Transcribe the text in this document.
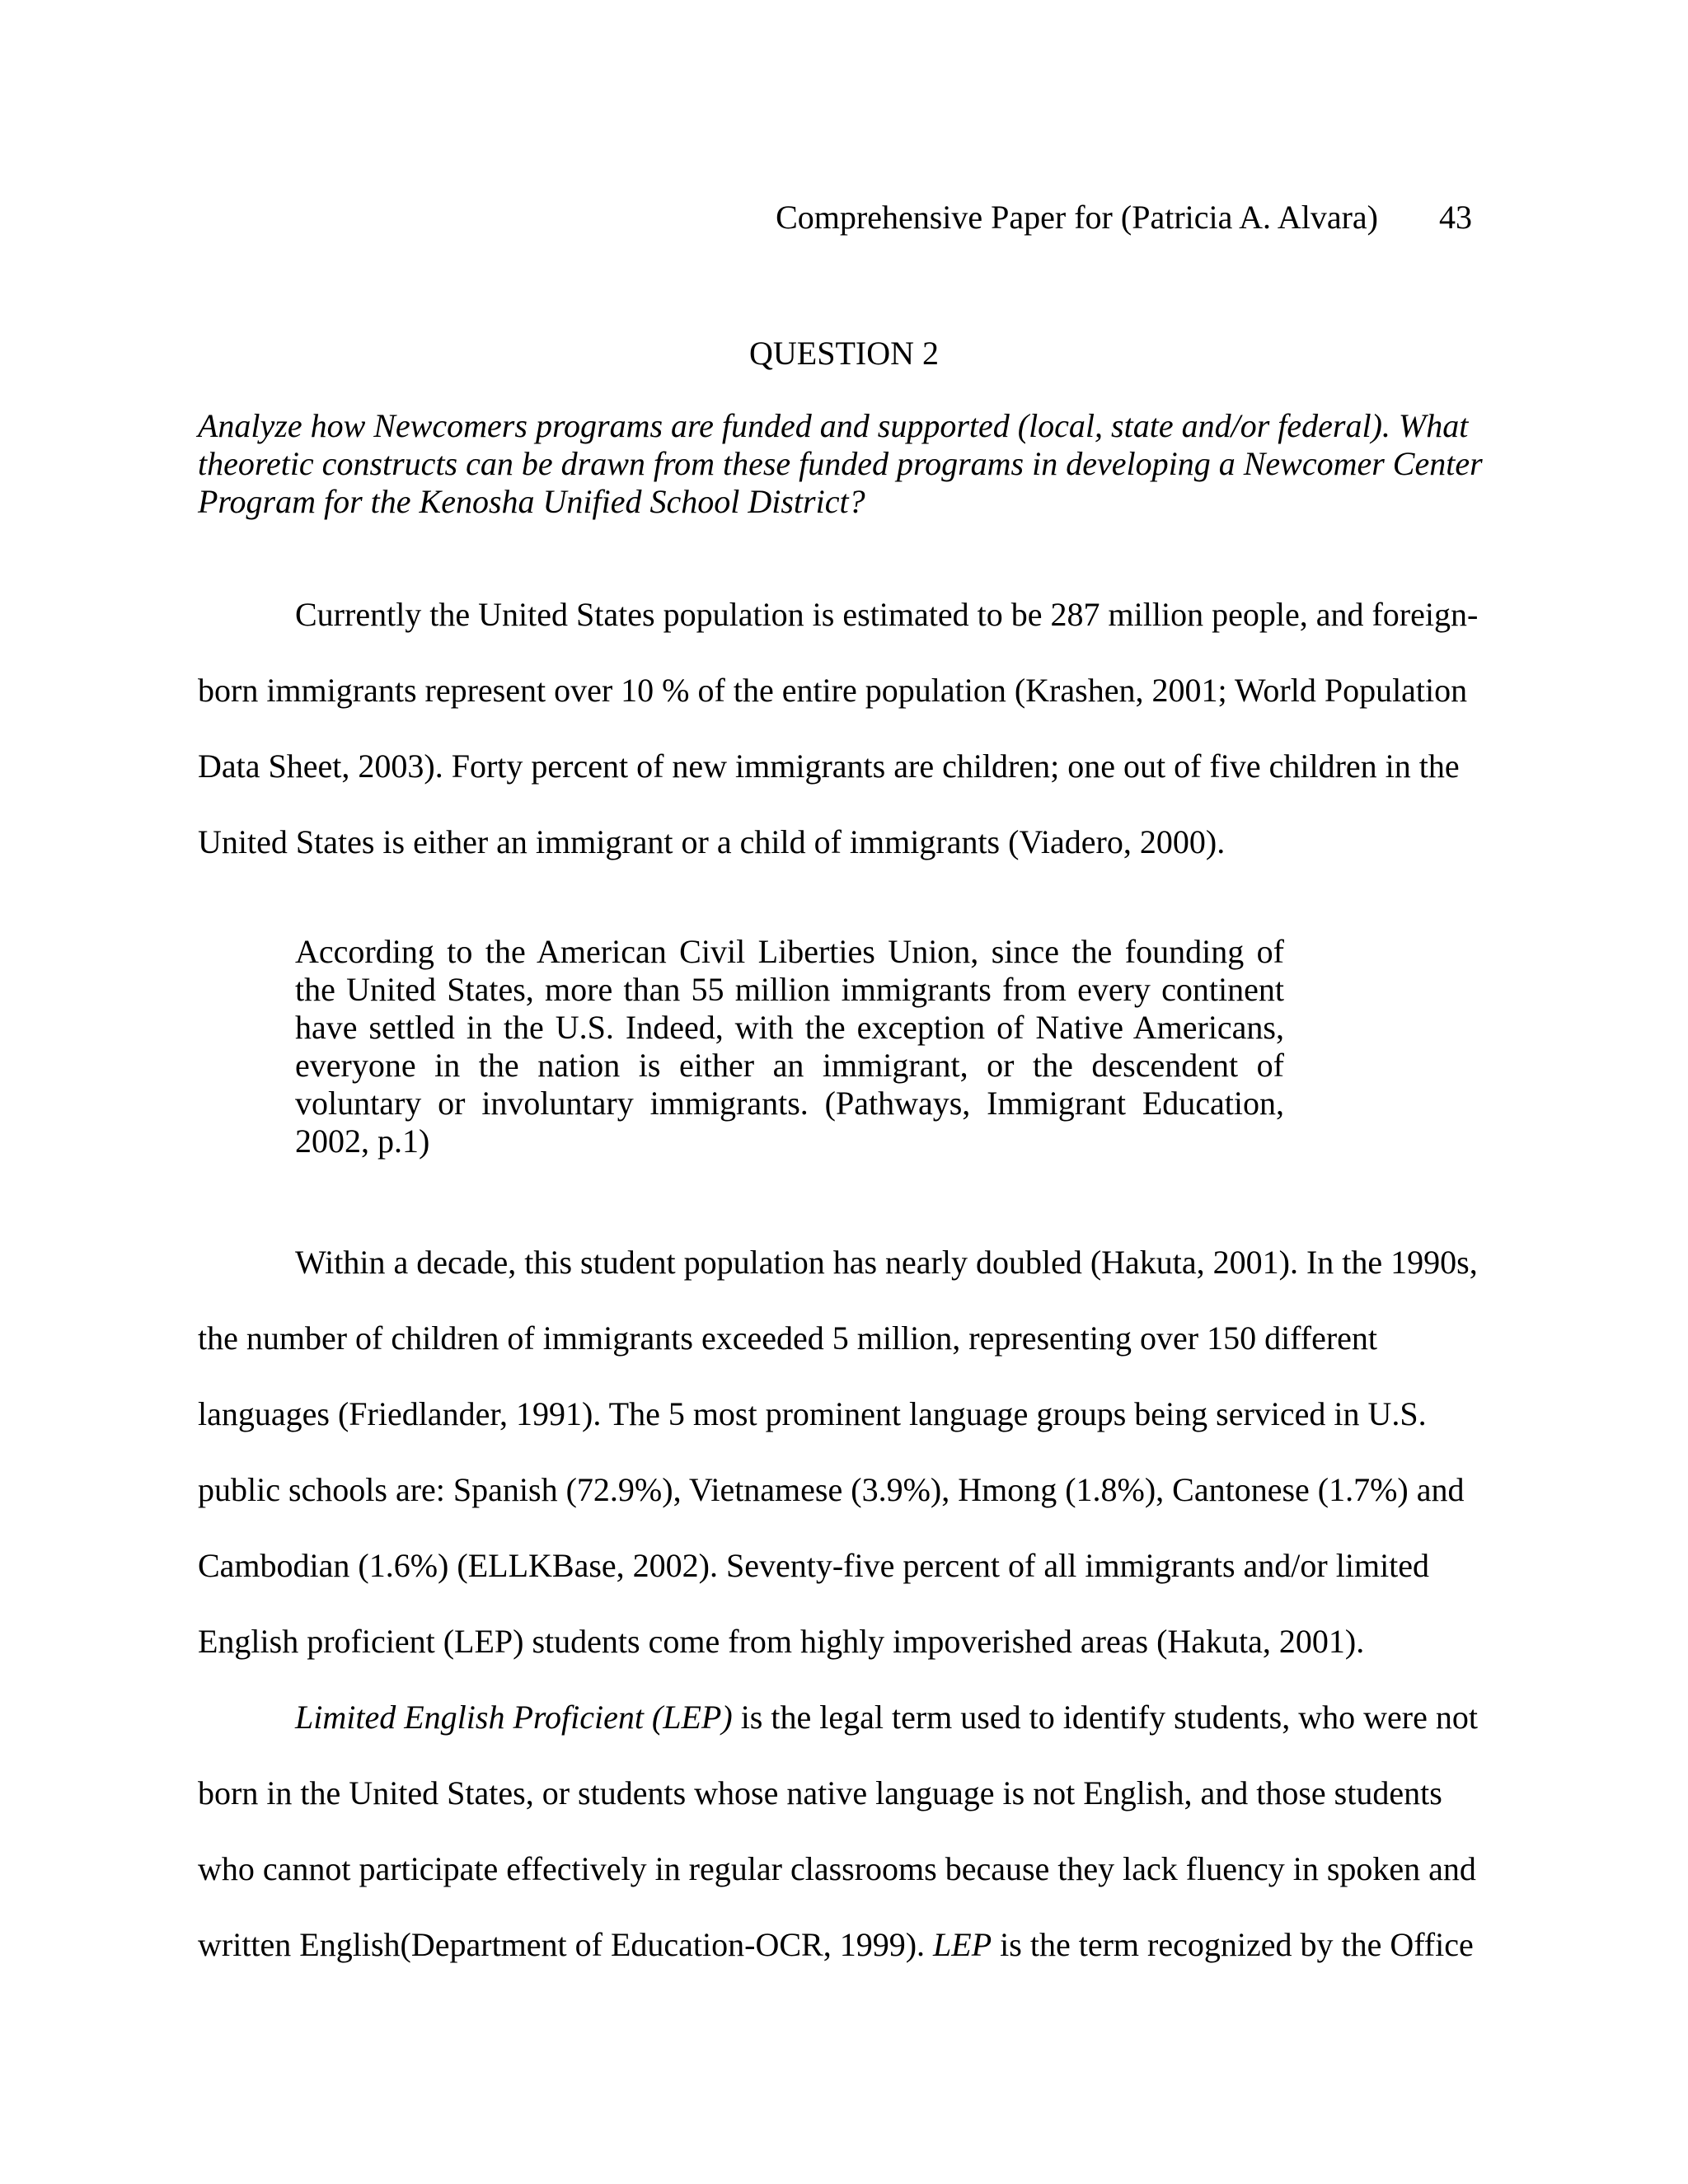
Comprehensive Paper for (Patricia A. Alvara) 43
QUESTION 2

Analyze how Newcomers programs are funded and supported (local, state and/or federal). What theoretic constructs can be drawn from these funded programs in developing a Newcomer Center Program for the Kenosha Unified School District?

Currently the United States population is estimated to be 287 million people, and foreign-born immigrants represent over 10 % of the entire population (Krashen, 2001; World Population Data Sheet, 2003). Forty percent of new immigrants are children; one out of five children in the United States is either an immigrant or a child of immigrants (Viadero, 2000).

According to the American Civil Liberties Union, since the founding of the United States, more than 55 million immigrants from every continent have settled in the U.S. Indeed, with the exception of Native Americans, everyone in the nation is either an immigrant, or the descendent of voluntary or involuntary immigrants. (Pathways, Immigrant Education, 2002, p.1)

Within a decade, this student population has nearly doubled (Hakuta, 2001). In the 1990s, the number of children of immigrants exceeded 5 million, representing over 150 different languages (Friedlander, 1991). The 5 most prominent language groups being serviced in U.S. public schools are: Spanish (72.9%), Vietnamese (3.9%), Hmong (1.8%), Cantonese (1.7%) and Cambodian (1.6%) (ELLKBase, 2002). Seventy-five percent of all immigrants and/or limited English proficient (LEP) students come from highly impoverished areas (Hakuta, 2001).

Limited English Proficient (LEP) is the legal term used to identify students, who were not born in the United States, or students whose native language is not English, and those students who cannot participate effectively in regular classrooms because they lack fluency in spoken and written English(Department of Education-OCR, 1999). LEP is the term recognized by the Office
